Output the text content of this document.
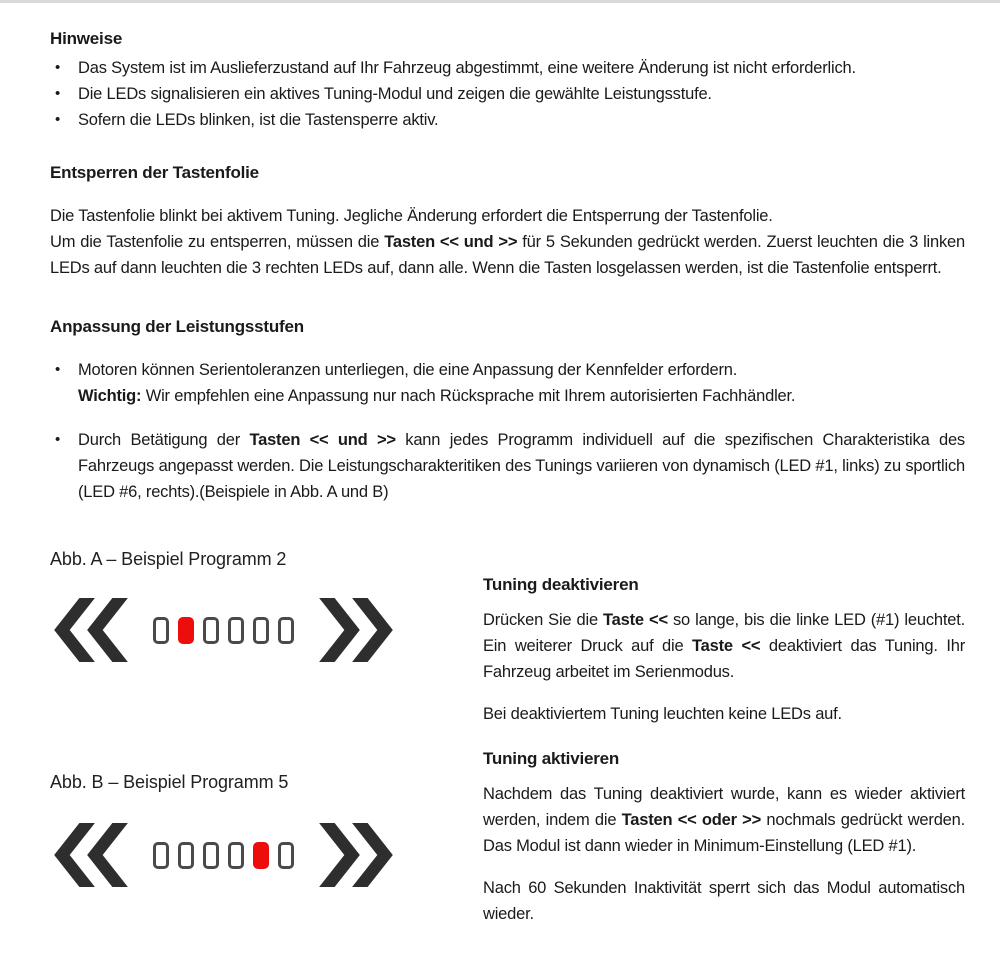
Hinweise
• Das System ist im Auslieferzustand auf Ihr Fahrzeug abgestimmt, eine weitere Änderung ist nicht erforderlich.
• Die LEDs signalisieren ein aktives Tuning-Modul und zeigen die gewählte Leistungsstufe.
• Sofern die LEDs blinken, ist die Tastensperre aktiv.
Entsperren der Tastenfolie

Die Tastenfolie blinkt bei aktivem Tuning. Jegliche Änderung erfordert die Entsperrung der Tastenfolie.

Um die Tastenfolie zu entsperren, müssen die Tasten << und >> für 5 Sekunden gedrückt werden. Zuerst leuchten die 3 linken LEDs auf dann leuchten die 3 rechten LEDs auf, dann alle. Wenn die Tasten losgelassen werden, ist die Tastenfolie entsperrt.

Anpassung der Leistungsstufen
• Motoren können Serientoleranzen unterliegen, die eine Anpassung der Kennfelder erfordern.
Wichtig: Wir empfehlen eine Anpassung nur nach Rücksprache mit Ihrem autorisierten Fachhändler.
• Durch Betätigung der Tasten << und >> kann jedes Programm individuell auf die spezifischen Charakteristika des Fahrzeugs angepasst werden. Die Leistungscharakteritiken des Tunings variieren von dynamisch (LED #1, links) zu sportlich (LED #6, rechts).(Beispiele in Abb. A und B)
Abb. A – Beispiel Programm 2
Abb. B – Beispiel Programm 5
Tuning deaktivieren

Drücken Sie die Taste << so lange, bis die linke LED (#1) leuchtet. Ein weiterer Druck auf die Taste << deaktiviert das Tuning. Ihr Fahrzeug arbeitet im Serienmodus.

Bei deaktiviertem Tuning leuchten keine LEDs auf.

Tuning aktivieren

Nachdem das Tuning deaktiviert wurde, kann es wieder aktiviert werden, indem die Tasten << oder >> nochmals gedrückt werden. Das Modul ist dann wieder in Minimum-Einstellung (LED #1).

Nach 60 Sekunden Inaktivität sperrt sich das Modul automatisch wieder.
